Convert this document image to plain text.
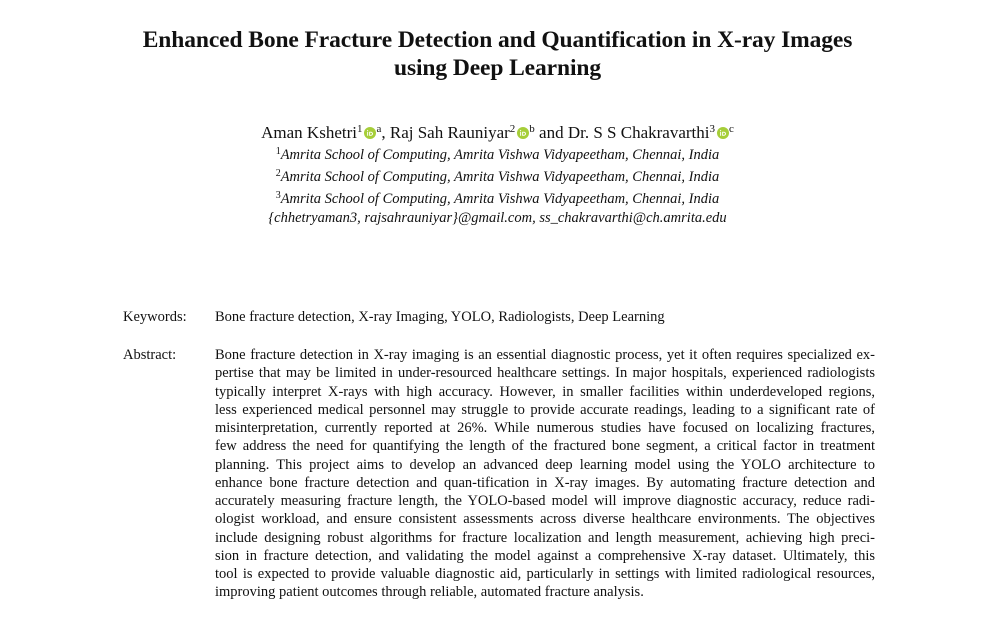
Enhanced Bone Fracture Detection and Quantification in X-ray Images
using Deep Learning
Aman Kshetri$^1$ $^a$, Raj Sah Rauniyar$^2$ $^b$ and Dr. S S Chakravarthi$^3$ $^c$
$^1$Amrita School of Computing, Amrita Vishwa Vidyapeetham, Chennai, India
$^2$Amrita School of Computing, Amrita Vishwa Vidyapeetham, Chennai, India
$^3$Amrita School of Computing, Amrita Vishwa Vidyapeetham, Chennai, India
{chhetryaman3, rajsahrauniyar}@gmail.com, ss_chakravarthi@ch.amrita.edu
Keywords: Bone fracture detection, X-ray Imaging, YOLO, Radiologists, Deep Learning
Abstract:	Bone fracture detection in X-ray imaging is an essential diagnostic process, yet it often requires specialized ex-
pertise that may be limited in under-resourced healthcare settings. In major hospitals, experienced radiologists
typically interpret X-rays with high accuracy. However, in smaller facilities within underdeveloped regions,
less experienced medical personnel may struggle to provide accurate readings, leading to a significant rate of
misinterpretation, currently reported at 26%. While numerous studies have focused on localizing fractures,
few address the need for quantifying the length of the fractured bone segment, a critical factor in treatment
planning. This project aims to develop an advanced deep learning model using the YOLO architecture to
enhance bone fracture detection and quan-tification in X-ray images. By automating fracture detection and
accurately measuring fracture length, the YOLO-based model will improve diagnostic accuracy, reduce radi-
ologist workload, and ensure consistent assessments across diverse healthcare environments. The objectives
include designing robust algorithms for fracture localization and length measurement, achieving high preci-
sion in fracture detection, and validating the model against a comprehensive X-ray dataset. Ultimately, this
tool is expected to provide valuable diagnostic aid, particularly in settings with limited radiological resources,
improving patient outcomes through reliable, automated fracture analysis.
